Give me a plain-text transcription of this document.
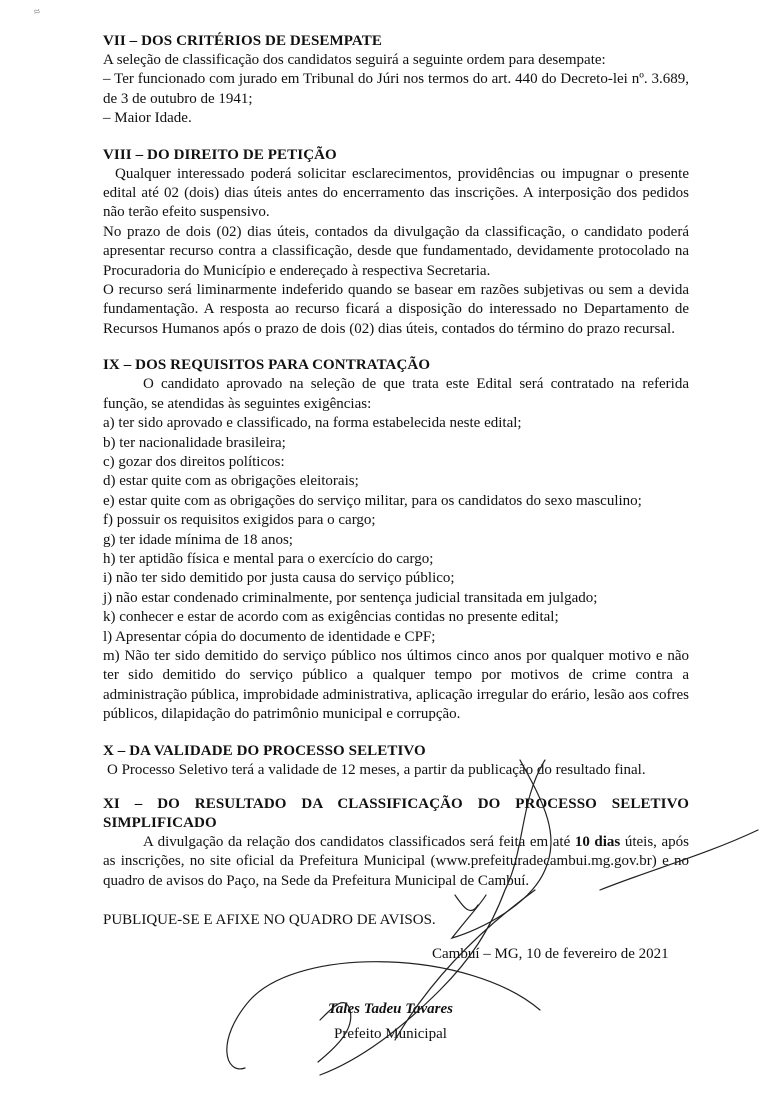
≈

VII – DOS CRITÉRIOS DE DESEMPATE

A seleção de classificação dos candidatos seguirá a seguinte ordem para desempate:

– Ter funcionado com jurado em Tribunal do Júri nos termos do art. 440 do Decreto-lei nº. 3.689, de 3 de outubro de 1941;

– Maior Idade.

VIII – DO DIREITO DE PETIÇÃO

Qualquer interessado poderá solicitar esclarecimentos, providências ou impugnar o presente edital até 02 (dois) dias úteis antes do encerramento das inscrições. A interposição dos pedidos não terão efeito suspensivo.

No prazo de dois (02) dias úteis, contados da divulgação da classificação, o candidato poderá apresentar recurso contra a classificação, desde que fundamentado, devidamente protocolado na Procuradoria do Município e endereçado à respectiva Secretaria.

O recurso será liminarmente indeferido quando se basear em razões subjetivas ou sem a devida fundamentação. A resposta ao recurso ficará a disposição do interessado no Departamento de Recursos Humanos após o prazo de dois (02) dias úteis, contados do término do prazo recursal.

IX – DOS REQUISITOS PARA CONTRATAÇÃO

O candidato aprovado na seleção de que trata este Edital será contratado na referida função, se atendidas às seguintes exigências:

a) ter sido aprovado e classificado, na forma estabelecida neste edital;

b) ter nacionalidade brasileira;

c) gozar dos direitos políticos:

d) estar quite com as obrigações eleitorais;

e) estar quite com as obrigações do serviço militar, para os candidatos do sexo masculino;

f) possuir os requisitos exigidos para o cargo;

g) ter idade mínima de 18 anos;

h) ter aptidão física e mental para o exercício do cargo;

i) não ter sido demitido por justa causa do serviço público;

j) não estar condenado criminalmente, por sentença judicial transitada em julgado;

k) conhecer e estar de acordo com as exigências contidas no presente edital;

l) Apresentar cópia do documento de identidade e CPF;

m) Não ter sido demitido do serviço público nos últimos cinco anos por qualquer motivo e não ter sido demitido do serviço público a qualquer tempo por motivos de crime contra a administração pública, improbidade administrativa, aplicação irregular do erário, lesão aos cofres públicos, dilapidação do patrimônio municipal e corrupção.

X – DA VALIDADE DO PROCESSO SELETIVO

O Processo Seletivo terá a validade de 12 meses, a partir da publicação do resultado final.

XI – DO RESULTADO DA CLASSIFICAÇÃO DO PROCESSO SELETIVO

SIMPLIFICADO

A divulgação da relação dos candidatos classificados será feita em até 10 dias úteis, após as inscrições, no site oficial da Prefeitura Municipal (www.prefeituradecambui.mg.gov.br) e no quadro de avisos do Paço, na Sede da Prefeitura Municipal de Cambuí.

PUBLIQUE-SE E AFIXE NO QUADRO DE AVISOS.

Cambuí – MG, 10 de fevereiro de 2021
Tales Tadeu Tavares
Prefeito Municipal
